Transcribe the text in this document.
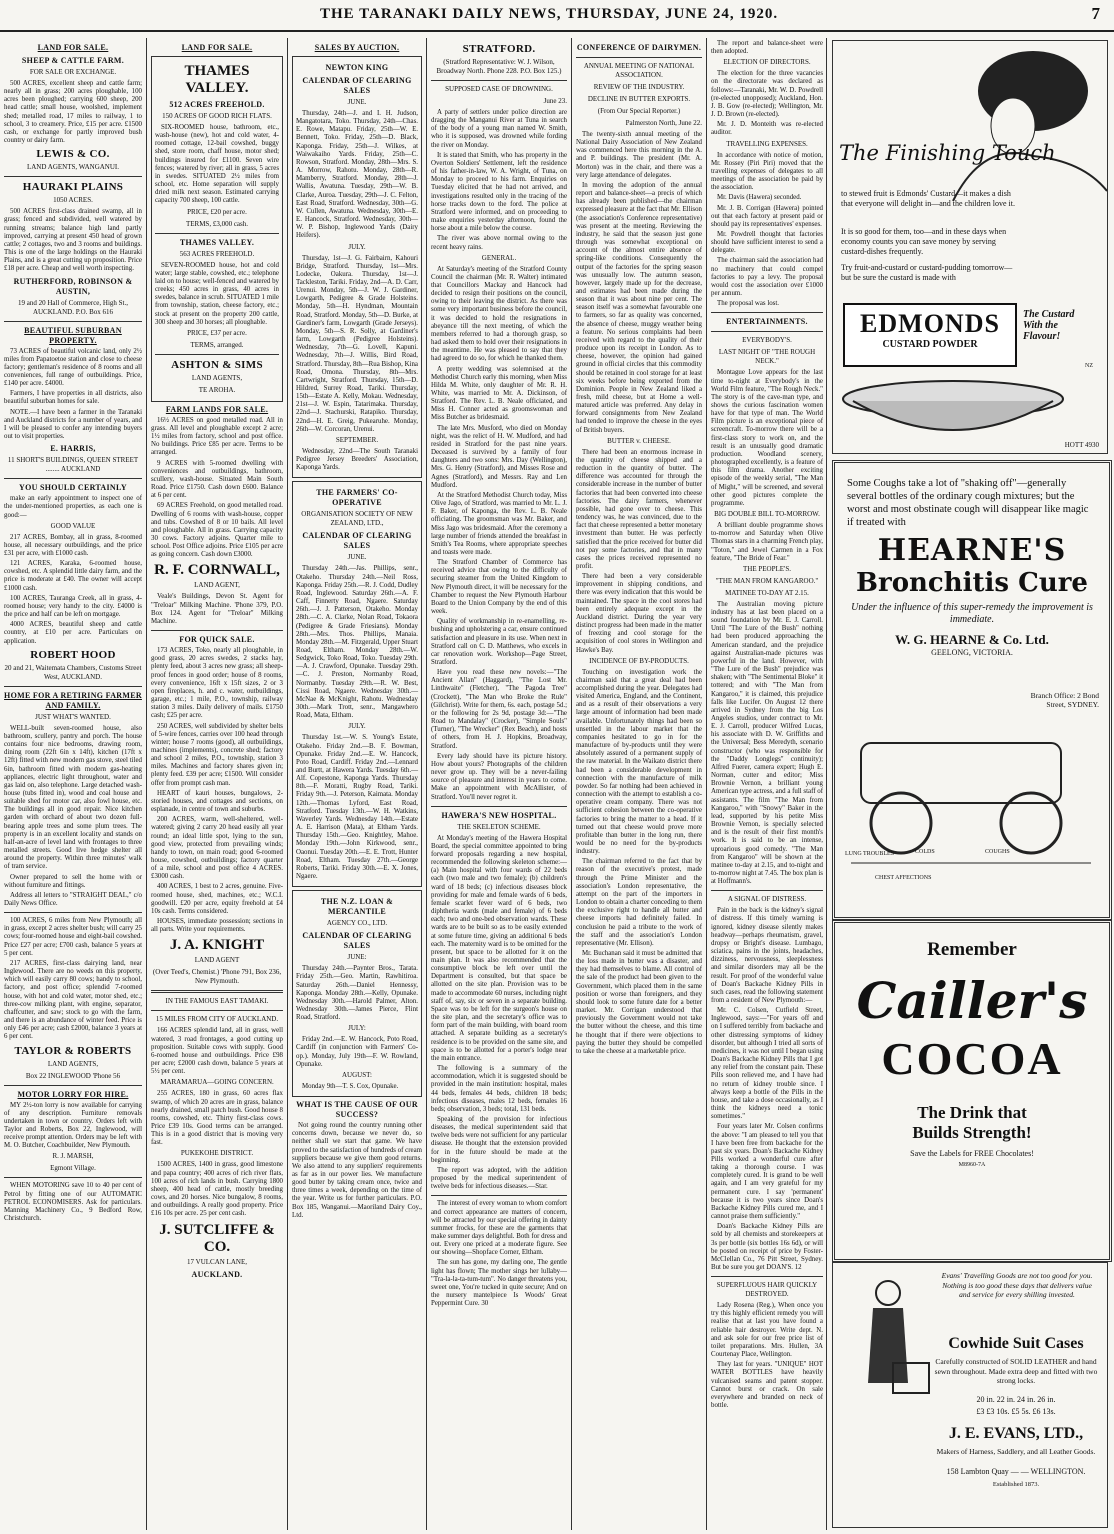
THE TARANAKI DAILY NEWS, THURSDAY, JUNE 24, 1920.	7
LAND FOR SALE.
SHEEP & CATTLE FARM.
FOR SALE OR EXCHANGE.

500 ACRES, excellent sheep and cattle farm; nearly all in grass; 200 acres ploughable, 100 acres been ploughed; carrying 600 sheep, 200 head cattle; small house, woolshed, implement shed; metalled road, 17 miles to railway, 1 to school, 3 to creamery. Price, £15 per acre. £1500 cash, or exchange for partly improved bush country or dairy farm.

LEWIS & CO.
LAND AGENTS, WANGANUI.
HAURAKI PLAINS
1050 ACRES.

500 ACRES first-class drained swamp, all in grass; fenced and subdivided, well watered by running streams; balance high land partly improved, carrying at present 450 head of grown cattle; 2 cottages, two and 3 rooms and buildings. This is one of the large holdings on the Hauraki Plains, and is a great cutting up proposition. Price £18 per acre. Cheap and well worth inspecting.

RUTHERFORD, ROBINSON & AUSTIN,
19 and 20 Hall of Commerce, High St., AUCKLAND. P.O. Box 616
BEAUTIFUL SUBURBAN PROPERTY.

73 ACRES of beautiful volcanic land, only 2½ miles from Papatoetoe station and close to cheese factory; gentleman's residence of 8 rooms and all conveniences, full range of outbuildings. Price, £140 per acre. £4000.

Farmers, I have properties in all districts, also beautiful suburban homes for sale.

NOTE.—I have been a farmer in the Taranaki and Auckland districts for a number of years, and I will be pleased to confer any intending buyers out to visit properties.

E. HARRIS,
11 SHORT'S BUILDINGS, QUEEN STREET ........ AUCKLAND
YOU SHOULD CERTAINLY

make an early appointment to inspect one of the under-mentioned properties, as each one is good:—

GOOD VALUE

217 ACRES, Bombay, all in grass, 8-roomed house, all necessary outbuildings, and the price £31 per acre, with £1000 cash.

121 ACRES, Karaka, 6-roomed house, cowshed, etc. A splendid little dairy farm, and the price is moderate at £40. The owner will accept £1000 cash.

100 ACRES, Tauranga Creek, all in grass, 4-roomed house; very handy to the city. £4000 is the price and half can be left on mortgage.

4000 ACRES, beautiful sheep and cattle country, at £10 per acre. Particulars on application.

ROBERT HOOD
20 and 21, Waitemata Chambers, Customs Street West, AUCKLAND.
HOME FOR A RETIRING FARMER AND FAMILY.
JUST WHAT'S WANTED.

WELL-built seven-roomed house, also bathroom, scullery, pantry and porch. The house contains four nice bedrooms, drawing room, dining room (22ft 6in x 14ft), kitchen (17ft x 12ft) fitted with new modern gas stove, steel tiled 6in, bathroom fitted with modern gas-heating appliances, electric light throughout, water and gas laid on, also telephone. Large detached wash-house (tubs fitted in), wood and coal house and suitable shed for motor car, also fowl house, etc. The buildings all in good repair. Nice kitchen garden with orchard of about two dozen full-bearing apple trees and some plum trees. The property is in an excellent locality and stands on half-an-acre of level land with frontages to three metalled streets. Good live hedge shelter all around the property. Within three minutes' walk of tram service.

Owner prepared to sell the home with or without furniture and fittings.

Address all letters to "STRAIGHT DEAL," c/o Daily News Office.

100 ACRES, 6 miles from New Plymouth; all in grass, except 2 acres shelter bush; will carry 25 cows; four-roomed house and eight-bail cowshed. Price £27 per acre; £700 cash, balance 5 years at 5 per cent.

217 ACRES, first-class dairying land, near Inglewood. There are no weeds on this property, which will easily carry 80 cows; handy to school, factory, and post office; splendid 7-roomed house, with hot and cold water, motor shed, etc.; three-cow milking plant, with engine, separator, chaffcutter, and saw; stock to go with the farm, and there is an abundance of winter feed. Price is only £46 per acre; cash £2000, balance 3 years at 6 per cent.

TAYLOR & ROBERTS
LAND AGENTS,
Box 22 INGLEWOOD 'Phone 56
MOTOR LORRY FOR HIRE.

MY 2½-ton lorry is now available for carrying of any description. Furniture removals undertaken in town or country. Orders left with Taylor and Roberts, Box 22, Inglewood, will receive prompt attention. Orders may be left with M. O. Butcher, Coachbuilder, New Plymouth.

R. J. MARSH,
Egmont Village.

WHEN MOTORING save 10 to 40 per cent of Petrol by fitting one of our AUTOMATIC PETROL ECONOMISERS. Ask for particulars. Manning Machinery Co., 9 Bedford Row, Christchurch.

LAND FOR SALE.
THAMES VALLEY.
512 ACRES FREEHOLD.
150 ACRES OF GOOD RICH FLATS.

SIX-ROOMED house, bathroom, etc., wash-house (new), hot and cold water, 4-roomed cottage, 12-bail cowshed, buggy shed, store room, chaff house, motor shed; buildings insured for £1100. Seven wire fences; watered by river; all in grass, 5 acres in swedes. SITUATED 2½ miles from school, etc. Home separation will supply dried milk next season. Estimated carrying capacity 700 sheep, 100 cattle.

PRICE, £20 per acre.
TERMS, £3,000 cash.
THAMES VALLEY.
563 ACRES FREEHOLD.

SEVEN-ROOMED house, hot and cold water; large stable, cowshed, etc.; telephone laid on to house; well-fenced and watered by creeks; 450 acres in grass, 40 acres in swedes, balance in scrub. SITUATED 1 mile from township, station, cheese factory, etc.; stock at present on the property 200 cattle, 300 sheep and 30 horses; all ploughable.

PRICE, £37 per acre.
TERMS, arranged.
ASHTON & SIMS
LAND AGENTS,
TE AROHA.
FARM LANDS FOR SALE.

16½ ACRES on good metalled road. All in grass. All level and ploughable except 2 acre; 1½ miles from factory, school and post office. No buildings. Price £85 per acre. Terms to be arranged.

9 ACRES with 5-roomed dwelling with conveniences and outbuildings, bathroom, scullery, wash-house. Situated Main South Road. Price £1750. Cash down £600. Balance at 6 per cent.

69 ACRES Freehold, on good metalled road. Dwelling of 6 rooms with wash-house, copper and tubs. Cowshed of 8 or 10 bails. All level and ploughable. All in grass. Carrying capacity 30 cows. Factory adjoins. Quarter mile to school. Post Office adjoins. Price £105 per acre as going concern. Cash down £3000.

R. F. CORNWALL,
LAND AGENT,

Veale's Buildings, Devon St. Agent for "Treloar" Milking Machine. 'Phone 379, P.O. Box 124. Agent for "Treloar" Milking Machine.

FOR QUICK SALE.

173 ACRES, Toko, nearly all ploughable, in good grass, 20 acres swedes, 2 stacks hay, plenty feed, about 3 acres new grass; all sheep-proof fences in good order; house of 8 rooms, every convenience, 16ft x 15ft sizes, 2 or 3 open fireplaces, h. and c. water, outbuildings, garage, etc.; 1 mile, P.O., township, railway station 3 miles. Daily delivery of mails. £1750 cash; £25 per acre.

250 ACRES, well subdivided by shelter belts of 5-wire fences, carries over 100 head through winter; house 7 rooms (good), all outbuildings, machines (implements), concrete shed; factory and school 2 miles, P.O., township, station 3 miles. Machines and factory shares given in; plenty feed. £39 per acre; £1500. Will consider offer from prompt cash man.

HEART of kauri houses, bungalows, 2-storied houses, and cottages and sections, on esplanade, in centre of town and suburbs.

200 ACRES, warm, well-sheltered, well-watered; giving 2 carry 20 head easily all year round; an ideal little spot, lying to the sun, good view, protected from prevailing winds; handy to town, on main road; good 6-roomed house, cowshed, outbuildings; factory quarter of a mile, school and post office 4 ACRES. £3000 cash.

400 ACRES, 1 best to 2 acres, genuine. Five-roomed house, shed, machines, etc.; W.C.I. goodwill. £20 per acre, equity freehold at £4 10s cash. Terms considered.

HOUSES, immediate possession; sections in all parts. Write your requirements.

J. A. KNIGHT
LAND AGENT
(Over Teed's, Chemist.) 'Phone 791, Box 236, New Plymouth.
IN THE FAMOUS EAST TAMAKI.
15 MILES FROM CITY OF AUCKLAND.

166 ACRES splendid land, all in grass, well watered, 3 road frontages, a good cutting up proposition. Suitable cows with supply. Good 6-roomed house and outbuildings. Price £98 per acre; £2000 cash down, balance 5 years at 5½ per cent.

MARAMARUA—GOING CONCERN.

255 ACRES, 180 in grass, 60 acres flax swamp, of which 20 acres are in grass, balance nearly drained, small patch bush. Good house 8 rooms, cowshed, etc. Thirty first-class cows. Price £39 10s. Good terms can be arranged. This is in a good district that is moving very fast.

PUKEKOHE DISTRICT.

1500 ACRES, 1400 in grass, good limestone and papa country; 400 acres of rich river flats, 100 acres of rich lands in bush. Carrying 1800 sheep, 400 head of cattle, mostly breeding cows, and 20 horses. Nice bungalow, 8 rooms, and outbuildings. A really good property. Price £16 10s per acre. 25 per cent cash.

J. SUTCLIFFE & CO.
17 VULCAN LANE,
AUCKLAND.
SALES BY AUCTION.
NEWTON KING
CALENDAR OF CLEARING SALES
JUNE.

Thursday, 24th—J. and I. H. Judson, Mangatotara, Toko. Thursday, 24th—Chas. E. Rowe, Matapu. Friday, 25th—W. E. Bennett, Toko. Friday, 25th—D. Black, Kaponga. Friday, 25th—J. Wilkes, at Waiwakaiho Yards. Friday, 25th—C. Rowson, Stratford. Monday, 28th—Mrs. S. A. Morrow, Rahotu. Monday, 28th—R. Mamberry, Stratford. Monday, 28th—J. Wallis, Awatuna. Tuesday, 29th—W. B. Clarke, Auroa. Tuesday, 29th—J. C. Felton, East Road, Stratford. Wednesday, 30th—G. W. Cullen, Awatuna. Wednesday, 30th—E. E. Hancock, Stratford. Wednesday, 30th—W. P. Bishop, Inglewood Yards (Dairy Heifers).

JULY.

Thursday, 1st—J. G. Fairbairn, Kahouri Bridge, Stratford. Thursday, 1st—Mrs. Lodecke, Oakura. Thursday, 1st—J. Tackleston, Tariki. Friday, 2nd—A. D. Carr, Urenui. Monday, 5th—J. W. J. Gardiner, Lowgarth, Pedigree & Grade Holsteins. Monday, 5th—H. Hyndman, Mountain Road, Stratford. Monday, 5th—D. Burke, at Gardiner's farm, Lowgarth (Grade Jerseys). Monday, 5th—S. R. Solly, at Gardiner's farm, Lowgarth (Pedigree Holsteins). Wednesday, 7th—G. Lovell, Kapuni. Wednesday, 7th—J. Willis, Bird Road, Stratford. Thursday, 8th—Rua Bishop, Kina Road, Omona. Thursday, 8th—Mrs. Cartwright, Stratford. Thursday, 15th—D. Hildred, Surrey Road, Tariki. Thursday, 15th—Estate A. Kelly, Mokau. Wednesday, 21st—J. W. Espin, Tatarimaka. Thursday, 22nd—J. Stachurski, Ratapiko. Thursday, 22nd—H. E. Greig, Pukearuhe. Monday, 26th—W. Corcoran, Urenui.

SEPTEMBER.

Wednesday, 22nd—The South Taranaki Pedigree Jersey Breeders' Association, Kaponga Yards.

THE FARMERS' CO-OPERATIVE
ORGANISATION SOCIETY OF NEW ZEALAND, LTD.,
CALENDAR OF CLEARING SALES
JUNE.

Thursday 24th.—Jas. Phillips, senr., Otakeho. Thursday 24th.—Neil Ross, Kaponga. Friday 25th.—R. J. Codd, Dudley Road, Inglewood. Saturday 26th.—A. F. Caff, Finnerty Road, Ngaere. Saturday 26th.—J. J. Patterson, Otakeho. Monday 28th.—C. A. Clarke, Nolan Road, Tokaora (Pedigree & Grade Friesians). Monday 28th.—Mrs. Thos. Phillips, Manaia. Monday 28th.—M. Fitzgerald, Upper Stuart Road, Eltham. Monday 28th.—W. Sedgwick, Toko Road, Toko. Tuesday 29th.—A. J. Crawford, Opunake. Tuesday 29th.—C. J. Preston, Normanby Road, Normanby. Tuesday 29th.—R. W. Best, Cissi Road, Ngaere. Wednesday 30th.—McNae & McKnight, Rahotu. Wednesday 30th.—Mark Trott, senr., Mangawhero Road, Mata, Eltham.

JULY.

Thursday 1st.—W. S. Young's Estate, Otakeho. Friday 2nd.—B. F. Bowman, Opunake. Friday 2nd.—E. W. Hancock, Poto Road, Cardiff. Friday 2nd.—Lennard and Burtt, at Hawera Yards. Tuesday 6th.—Alf. Copestone, Kaponga Yards. Thursday 8th.—F. Moratti, Rugby Road, Tariki. Friday 9th.—J. Peterson, Kaimata. Monday 12th.—Thomas Lyford, East Road, Stratford. Tuesday 13th.—W. H. Watkins, Waverley Yards. Wednesday 14th.—Estate A. E. Harrison (Mata), at Eltham Yards. Thursday 15th.—Geo. Knightley, Mahoe. Monday 19th.—John Kirkwood, senr., Oaonui. Tuesday 20th.—E. E. Trott, Hunter Road, Eltham. Tuesday 27th.—George Roberts, Tariki. Friday 30th.—E. X. Jones, Ngaere.

THE N.Z. LOAN & MERCANTILE
AGENCY CO., LTD.
CALENDAR OF CLEARING SALES
JUNE:

Thursday 24th.—Paynter Bros., Tarata. Friday 25th.—Geo. Martin, Rawhitiroa. Saturday 26th.—Daniel Hennessy, Kaponga. Monday 28th.—Kelly, Opunake. Wednesday 30th.—Harold Palmer, Alton. Wednesday 30th.—James Pierce, Flint Road, Stratford.

JULY:

Friday 2nd.—E. W. Hancock, Poto Road, Cardiff (in conjunction with Farmers' Co-op.). Monday, July 19th—F. W. Rowland, Opunake.

AUGUST:

Monday 9th—T. S. Cox, Opunake.

WHAT IS THE CAUSE OF OUR SUCCESS?

Not going round the country running other concerns down, because we never do, so neither shall we start that game. We have proved to the satisfaction of hundreds of cream suppliers because we give them good returns. We also attend to any suppliers' requirements as far as in our power lies. We manufacture good butter by taking cream once, twice and three times a week, depending on the time of the year. Write us for further particulars. P.O. Box 185, Wanganui.—Maoriland Dairy Coy., Ltd.

STRATFORD.
(Stratford Representative: W. J. Wilson, Broadway North. Phone 228. P.O. Box 125.)
SUPPOSED CASE OF DROWNING.
June 23.

A party of settlers under police direction are dragging the Manganui River at Tuna in search of the body of a young man named W. Smith, who it is supposed, was drowned while fording the river on Monday.

It is stated that Smith, who has property in the Overton Soldiers' Settlement, left the residence of his father-in-law, W. A. Wright, of Tuna, on Monday to proceed to his farm. Enquiries on Tuesday elicited that he had not arrived, and investigations resulted only in the tracing of the horse tracks down to the ford. The police at Stratford were informed, and on proceeding to make enquiries yesterday afternoon, found the horse about a mile below the course.

The river was above normal owing to the recent heavy rains.

GENERAL.

At Saturday's meeting of the Stratford County Council the chairman (Mr. R. Walter) intimated that Councillors Mackay and Hancock had decided to resign their positions on the council, owing to their leaving the district. As there was some very important business before the council, it was decided to hold the resignations in abeyance till the next meeting, of which the members referred to had a thorough grasp, so had asked them to hold over their resignations in the meantime. He was pleased to say that they had agreed to do so, for which he thanked them.

A pretty wedding was solemnised at the Methodist Church early this morning, when Miss Hilda M. White, only daughter of Mr. R. H. White, was married to Mr. A. Dickinson, of Stratford. The Rev. L. B. Neale officiated, and Miss H. Conner acted as groomswoman and Miss Butcher as bridesmaid.

The late Mrs. Musford, who died on Monday night, was the relict of H. W. Mudford, and had resided in Stratford for the past nine years. Deceased is survived by a family of four daughters and two sons: Mrs. Day (Wellington), Mrs. G. Henry (Stratford), and Misses Rose and Agnes (Stratford), and Messrs. Ray and Len Mudford.

At the Stratford Methodist Church today, Miss Olive Jago, of Stratford, was married to Mr. L. J. F. Baker, of Kaponga, the Rev. L. B. Neale officiating. The groomsman was Mr. Baker, and Miss Jago was bridesmaid. After the ceremony a large number of friends attended the breakfast in Smith's Tea Rooms, where appropriate speeches and toasts were made.

The Stratford Chamber of Commerce has received advice that owing to the difficulty of securing steamer from the United Kingdom to New Plymouth direct, it will be necessary for the Chamber to request the New Plymouth Harbour Board to the Union Company by the end of this week.

Quality of workmanship in re-enamelling, re-bushing and upholstering a car, ensure continued satisfaction and pleasure in its use. When next in Stratford call on C. D. Matthews, who excels in car renovation work. Workshop—Page Street, Stratford.

Have you read these new novels:—"The Ancient Allan" (Haggard), "The Lost Mr. Linthwaite" (Fletcher), "The Pagoda Tree" (Crockett), "The Man who Broke the Rule" (Gilchrist). Write for them, 6s. each, postage 5d.; or the following for 2s 9d, postage 3d:—"The Road to Mandalay" (Crocker), "Simple Souls" (Turner), "The Wrecker" (Rex Beach), and hosts of others, from H. J. Hopkins, Broadway, Stratford.

Every lady should have its picture history. How about yours? Photographs of the children never grow up. They will be a never-failing source of pleasure and interest in years to come. Make an appointment with McAllister, of Stratford. You'll never regret it.

HAWERA'S NEW HOSPITAL.
THE SKELETON SCHEME.

At Monday's meeting of the Hawera Hospital Board, the special committee appointed to bring forward proposals regarding a new hospital, recommended the following skeleton scheme:—(a) Main hospital with four wards of 22 beds each (two male and two female); (b) children's ward of 18 beds; (c) infectious diseases block providing for male and female wards of 6 beds, female scarlet fever ward of 6 beds, two diphtheria wards (male and female) of 6 beds each; two and one-bed observation wards. These wards are to be built so as to be easily extended at some future time, giving an additional 6 beds each. The maternity ward is to be omitted for the present, but space to be allotted for it on the main plan. It was also recommended that the consumptive block be left over until the Department is consulted, but that space be allotted on the site plan. Provision was to be made to accommodate 60 nurses, including night staff of, say, six or seven in a separate building. Space was to be left for the surgeon's house on the site plan, and the secretary's office was to form part of the main building, with board room attached. A separate building as a secretary's residence is to be provided on the same site, and space is to be allotted for a porter's lodge near the main entrance.

The following is a summary of the accommodation, which it is suggested should be provided in the main institution: hospital, males 44 beds, females 44 beds, children 18 beds; infectious diseases, males 12 beds, females 16 beds; observation, 3 beds; total, 131 beds.

Speaking of the provision for infectious diseases, the medical superintendent said that twelve beds were not sufficient for any particular disease. He thought that the extension provided for in the future should be made at the beginning.

The report was adopted, with the addition proposed by the medical superintendent of twelve beds for infectious diseases.—Star.

The interest of every woman to whom comfort and correct appearance are matters of concern, will be attracted by our special offering in dainty summer frocks, for these are the garments that make summer days delightful. Both for dress and out. Every one priced at a moderate figure. See our showing—Shopface Corner, Eltham.

The sun has gone, my darling one, The gentle light has flown; The mother sings her lullaby— "Tra-la-la-ta-tum-tum". No danger threatens you, sweet one, You're tucked in quite secure; And on the nursery mantelpiece Is Woods' Great Peppermint Cure. 30

CONFERENCE OF DAIRYMEN.
ANNUAL MEETING OF NATIONAL ASSOCIATION.
REVIEW OF THE INDUSTRY.
DECLINE IN BUTTER EXPORTS.
(From Our Special Reporter.)
Palmerston North, June 22.

The twenty-sixth annual meeting of the National Dairy Association of New Zealand was commenced here this morning in the A. and P. buildings. The president (Mr. A. Morton) was in the chair, and there was a very large attendance of delegates.

In moving the adoption of the annual report and balance-sheet—a precis of which has already been published—the chairman expressed pleasure at the fact that Mr. Ellison (the association's Conference representative) was present at the meeting. Reviewing the industry, he said that the season just gone through was somewhat exceptional on account of the almost entire absence of spring-like conditions. Consequently the output of the factories for the spring season was unusually low. The autumn season, however, largely made up for the decrease, and estimates had been made during the season that it was about nine per cent. The season itself was a somewhat favourable one to farmers, so far as quality was concerned, the absence of cheese, muggy weather being a feature. No serious complaints had been received with regard to the quality of their produce upon its receipt in London. As to cheese, however, the opinion had gained ground in official circles that this commodity should be retained in cool storage for at least six weeks before being exported from the Dominion. People in New Zealand liked a fresh, mild cheese, but at Home a well-matured article was preferred. Any delay in forward consignments from New Zealand had tended to improve the cheese in the eyes of British buyers.

BUTTER v. CHEESE.

There had been an enormous increase in the quantity of cheese shipped and a reduction in the quantity of butter. The difference was accounted for through the considerable increase in the number of butter factories that had been converted into cheese factories. The dairy farmers, whenever possible, had gone over to cheese. This tendency was, he was convinced, due to the fact that cheese represented a better monetary investment than butter. He was perfectly satisfied that the price received for butter did not pay some factories, and that in many cases the prices received represented no profit.

There had been a very considerable improvement in shipping conditions, and there was every indication that this would be maintained. The space in the cool stores had been entirely adequate except in the Auckland district. During the year very distinct progress had been made in the matter of freezing and cool storage for the acquisition of cool stores in Wellington and Hawke's Bay.

INCIDENCE OF BY-PRODUCTS.

Touching on investigation work the chairman said that a great deal had been accomplished during the year. Delegates had visited America, England, and the Continent, and as a result of their observations a very large amount of information had been made available. Unfortunately things had been so unsettled in the labour market that the companies hesitated to go in for the manufacture of by-products until they were absolutely assured of a permanent supply of the raw material. In the Waikato district there had been a considerable development in connection with the manufacture of milk powder. So far nothing had been achieved in connection with the attempt to establish a co-operative cream company. There was not sufficient cohesion between the co-operative factories to bring the matter to a head. If it turned out that cheese would prove more profitable than butter in the long run, there would be no need for the by-products industry.

The chairman referred to the fact that by reason of the executive's protest, made through the Prime Minister and the association's London representative, the attempt on the part of the importers in London to obtain a charter conceding to them the exclusive right to handle all butter and cheese imports had definitely failed. In conclusion he paid a tribute to the work of the staff and the association's London representative (Mr. Ellison).

Mr. Buchanan said it must be admitted that the loss made in butter was a disaster, and they had themselves to blame. All control of the sale of the product had been given to the Government, which placed them in the same position or worse than foreigners, and they should look to some future date for a better market. Mr. Corrigan understood that previously the Government would not take the butter without the cheese, and this time he thought that if there were objections to paying the butter they should be compelled to take the cheese at a marketable price.

The report and balance-sheet were then adopted.

ELECTION OF DIRECTORS.

The election for the three vacancies on the directorate was declared as follows:—Taranaki, Mr. W. D. Powdrell (re-elected unopposed); Auckland, Hon. J. B. Gow (re-elected); Wellington, Mr. J. D. Brown (re-elected).

Mr. J. D. Monteith was re-elected auditor.

TRAVELLING EXPENSES.

In accordance with notice of motion, Mr. Rossey (Piri Piri) moved that the travelling expenses of delegates to all meetings of the association be paid by the association.

Mr. Davis (Hawera) seconded.

Mr. J. B. Corrigan (Hawera) pointed out that each factory at present paid or should pay its representatives' expenses.

Mr. Powdrell thought that factories should have sufficient interest to send a delegate.

The chairman said the association had no machinery that could compel factories to pay a levy. The proposal would cost the association over £1000 per annum.

The proposal was lost.

ENTERTAINMENTS.
EVERYBODY'S.
LAST NIGHT OF "THE ROUGH NECK."

Montague Love appears for the last time to-night at Everybody's in the World Film feature, "The Rough Neck." The story is of the cave-man type, and shows the curious fascination women have for that type of man. The World Film picture is an exceptional piece of screencraft. To-morrow there will be a first-class story to work on, and the result is an unusually good dramatic production. Woodland scenery, photographed excellently, is a feature of this film drama. Another exciting episode of the weekly serial, "The Man of Might," will be screened, and several other good pictures complete the programme.

BIG DOUBLE BILL TO-MORROW.

A brilliant double programme shows to-morrow and Saturday when Olive Thomas stars in a charming French play, "Toton," and Jewel Carmen in a Fox feature, "The Bride of Fear."

THE PEOPLE'S.
"THE MAN FROM KANGAROO."
MATINEE TO-DAY AT 2.15.

The Australian moving picture industry has at last been placed on a sound foundation by Mr. E. J. Carroll. Until "The Lure of the Bush" nothing had been produced approaching the American standard, and the prejudice against Australian-made pictures was powerful in the land. However, with "The Lure of the Bush" prejudice was shaken; with "The Sentimental Bloke" it tottered; and with "The Man from Kangaroo," it is claimed, this prejudice falls like Lucifer. On August 12 there arrived in Sydney from the big Los Angeles studios, under contract to Mr. E. J. Carroll, producer Wilfred Lucas, his associate with D. W. Griffiths and the Universal; Bess Meredyth, scenario constructor (who was responsible for the "Daddy Longlegs" continuity); Alfred Fuerer, camera expert; Hugh E. Norman, cutter and editor; Miss Brownie Vernon, a brilliant young American type actress, and a full staff of assistants. The film "The Man from Kangaroo," with "Snowy" Baker in the lead, supported by his petite Miss Brownie Vernon, is specially selected and is the result of their first month's work. It is said to be an intense, uproarious good comedy. "The Man from Kangaroo" will be shown at the matinee to-day at 2.15, and to-night and to-morrow night at 7.45. The box plan is at Hoffmann's.

A SIGNAL OF DISTRESS.

Pain in the back is the kidney's signal of distress. If this timely warning is ignored, kidney disease silently makes headway—perhaps rheumatism, gravel, dropsy or Bright's disease. Lumbago, sciatica, pains in the joints, headaches, dizziness, nervousness, sleeplessness and similar disorders may all be the result. For proof of the wonderful value of Doan's Backache Kidney Pills in such cases, read the following statement from a resident of New Plymouth:—

Mr. C. Colsen, Cutfield Street, Inglewood, says:—"For years off and on I suffered terribly from backache and other distressing symptoms of kidney disorder, but although I tried all sorts of medicines, it was not until I began using Doan's Backache Kidney Pills that I got any relief from the constant pain. These Pills soon relieved me, and I have had no return of kidney trouble since. I always keep a bottle of the Pills in the house, and take a dose occasionally, as I think the kidneys need a tonic sometimes."

Four years later Mr. Colsen confirms the above: "I am pleased to tell you that I have been free from backache for the past six years. Doan's Backache Kidney Pills worked a wonderful cure after taking a thorough course. I was completely cured. It is grand to be well again, and I am very grateful for my permanent cure. I say 'permanent' because it is two years since Doan's Backache Kidney Pills cured me, and I cannot praise them sufficiently."

Doan's Backache Kidney Pills are sold by all chemists and storekeepers at 3s per bottle (six bottles 16s 6d), or will be posted on receipt of price by Foster-McClellan Co., 76 Pitt Street, Sydney. But be sure you get DOAN'S. 12

SUPERFLUOUS HAIR QUICKLY DESTROYED.

Lady Rosena (Reg.), When once you try this highly efficient remedy you will realise that at last you have found a reliable hair destroyer. Write dept. N. and ask sole for our free price list of toilet preparations. Mrs. Hullen, 3A Courtenay Place, Wellington.

They last for years. "UNIQUE" HOT WATER BOTTLES have heavily vulcanised seams and patent stopper. Cannot burst or crack. On sale everywhere and branded on neck of bottle.

The Finishing Touch
to stewed fruit is Edmonds' Custard—it makes a dish that everyone will delight in—and the children love it.
It is so good for them, too—and in these days when economy counts you can save money by serving custard-dishes frequently.
Try fruit-and-custard or custard-pudding tomorrow—but be sure the custard is made with
EDMONDS
CUSTARD POWDER
The Custard With the Flavour!
NZ
HOTT 4930
Some Coughs take a lot of "shaking off"—generally several bottles of the ordinary cough mixtures; but the worst and most obstinate cough will disappear like magic if treated with
HEARNE'S
Bronchitis Cure
Under the influence of this super-remedy the improvement is immediate.
W. G. HEARNE & Co. Ltd.
GEELONG, VICTORIA.
Branch Office: 2 Bond Street, SYDNEY.
CHEST AFFECTIONS
LUNG TROUBLES	COLDS	COUGHS
Remember
Cailler's
COCOA
The Drink that
Builds Strength!
Save the Labels for FREE Chocolates!
M8960-7A
Evans' Travelling Goods are not too good for you. Nothing is too good these days that delivers value and service for every shilling invested.
Cowhide Suit Cases
Carefully constructed of SOLID LEATHER and hand sewn throughout. Made extra deep and fitted with two strong locks.
20 in. 22 in. 24 in. 26 in.
£3 £3 10s. £5 5s. £6 13s.
J. E. EVANS, LTD.,
Makers of Harness, Saddlery, and all Leather Goods.
158 Lambton Quay — — WELLINGTON.
Established 1873.
